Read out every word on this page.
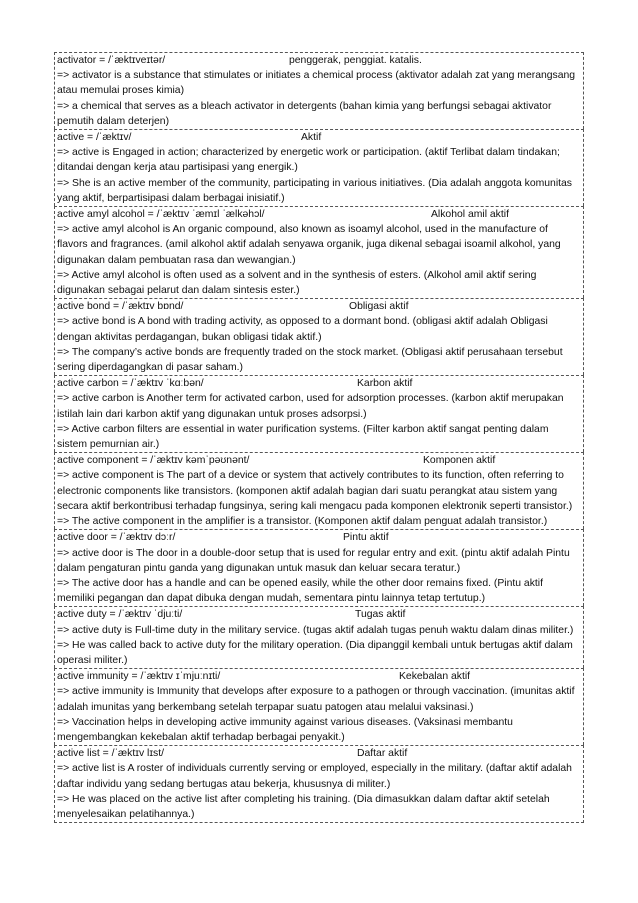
activator = /ˈæktɪveɪtər/	penggerak, penggiat. katalis.
=> activator is a substance that stimulates or initiates a chemical process (aktivator adalah zat yang merangsang atau memulai proses kimia)
=> a chemical that serves as a bleach activator in detergents (bahan kimia yang berfungsi sebagai aktivator pemutih dalam deterjen)
active = /ˈæktɪv/	Aktif
=> active is Engaged in action; characterized by energetic work or participation. (aktif Terlibat dalam tindakan; ditandai dengan kerja atau partisipasi yang energik.)
=> She is an active member of the community, participating in various initiatives. (Dia adalah anggota komunitas yang aktif, berpartisipasi dalam berbagai inisiatif.)
active amyl alcohol = /ˈæktɪv ˈæmɪl ˈælkəhɔl/	Alkohol amil aktif
=> active amyl alcohol is An organic compound, also known as isoamyl alcohol, used in the manufacture of flavors and fragrances. (amil alkohol aktif adalah senyawa organik, juga dikenal sebagai isoamil alkohol, yang digunakan dalam pembuatan rasa dan wewangian.)
=> Active amyl alcohol is often used as a solvent and in the synthesis of esters. (Alkohol amil aktif sering digunakan sebagai pelarut dan dalam sintesis ester.)
active bond = /ˈæktɪv bɒnd/	Obligasi aktif
=> active bond is A bond with trading activity, as opposed to a dormant bond. (obligasi aktif adalah Obligasi dengan aktivitas perdagangan, bukan obligasi tidak aktif.)
=> The company’s active bonds are frequently traded on the stock market. (Obligasi aktif perusahaan tersebut sering diperdagangkan di pasar saham.)
active carbon = /ˈæktɪv ˈkɑːbən/	Karbon aktif
=> active carbon is Another term for activated carbon, used for adsorption processes. (karbon aktif merupakan istilah lain dari karbon aktif yang digunakan untuk proses adsorpsi.)
=> Active carbon filters are essential in water purification systems. (Filter karbon aktif sangat penting dalam sistem pemurnian air.)
active component = /ˈæktɪv kəmˈpəʊnənt/	Komponen aktif
=> active component is The part of a device or system that actively contributes to its function, often referring to electronic components like transistors. (komponen aktif adalah bagian dari suatu perangkat atau sistem yang secara aktif berkontribusi terhadap fungsinya, sering kali mengacu pada komponen elektronik seperti transistor.)
=> The active component in the amplifier is a transistor. (Komponen aktif dalam penguat adalah transistor.)
active door = /ˈæktɪv dɔːr/	Pintu aktif
=> active door is The door in a double-door setup that is used for regular entry and exit. (pintu aktif adalah Pintu dalam pengaturan pintu ganda yang digunakan untuk masuk dan keluar secara teratur.)
=> The active door has a handle and can be opened easily, while the other door remains fixed. (Pintu aktif memiliki pegangan dan dapat dibuka dengan mudah, sementara pintu lainnya tetap tertutup.)
active duty = /ˈæktɪv ˈdjuːti/	Tugas aktif
=> active duty is Full-time duty in the military service. (tugas aktif adalah tugas penuh waktu dalam dinas militer.)
=> He was called back to active duty for the military operation. (Dia dipanggil kembali untuk bertugas aktif dalam operasi militer.)
active immunity = /ˈæktɪv ɪˈmjuːnɪti/	Kekebalan aktif
=> active immunity is Immunity that develops after exposure to a pathogen or through vaccination. (imunitas aktif adalah imunitas yang berkembang setelah terpapar suatu patogen atau melalui vaksinasi.)
=> Vaccination helps in developing active immunity against various diseases. (Vaksinasi membantu mengembangkan kekebalan aktif terhadap berbagai penyakit.)
active list = /ˈæktɪv lɪst/	Daftar aktif
=> active list is A roster of individuals currently serving or employed, especially in the military. (daftar aktif adalah daftar individu yang sedang bertugas atau bekerja, khususnya di militer.)
=> He was placed on the active list after completing his training. (Dia dimasukkan dalam daftar aktif setelah menyelesaikan pelatihannya.)
